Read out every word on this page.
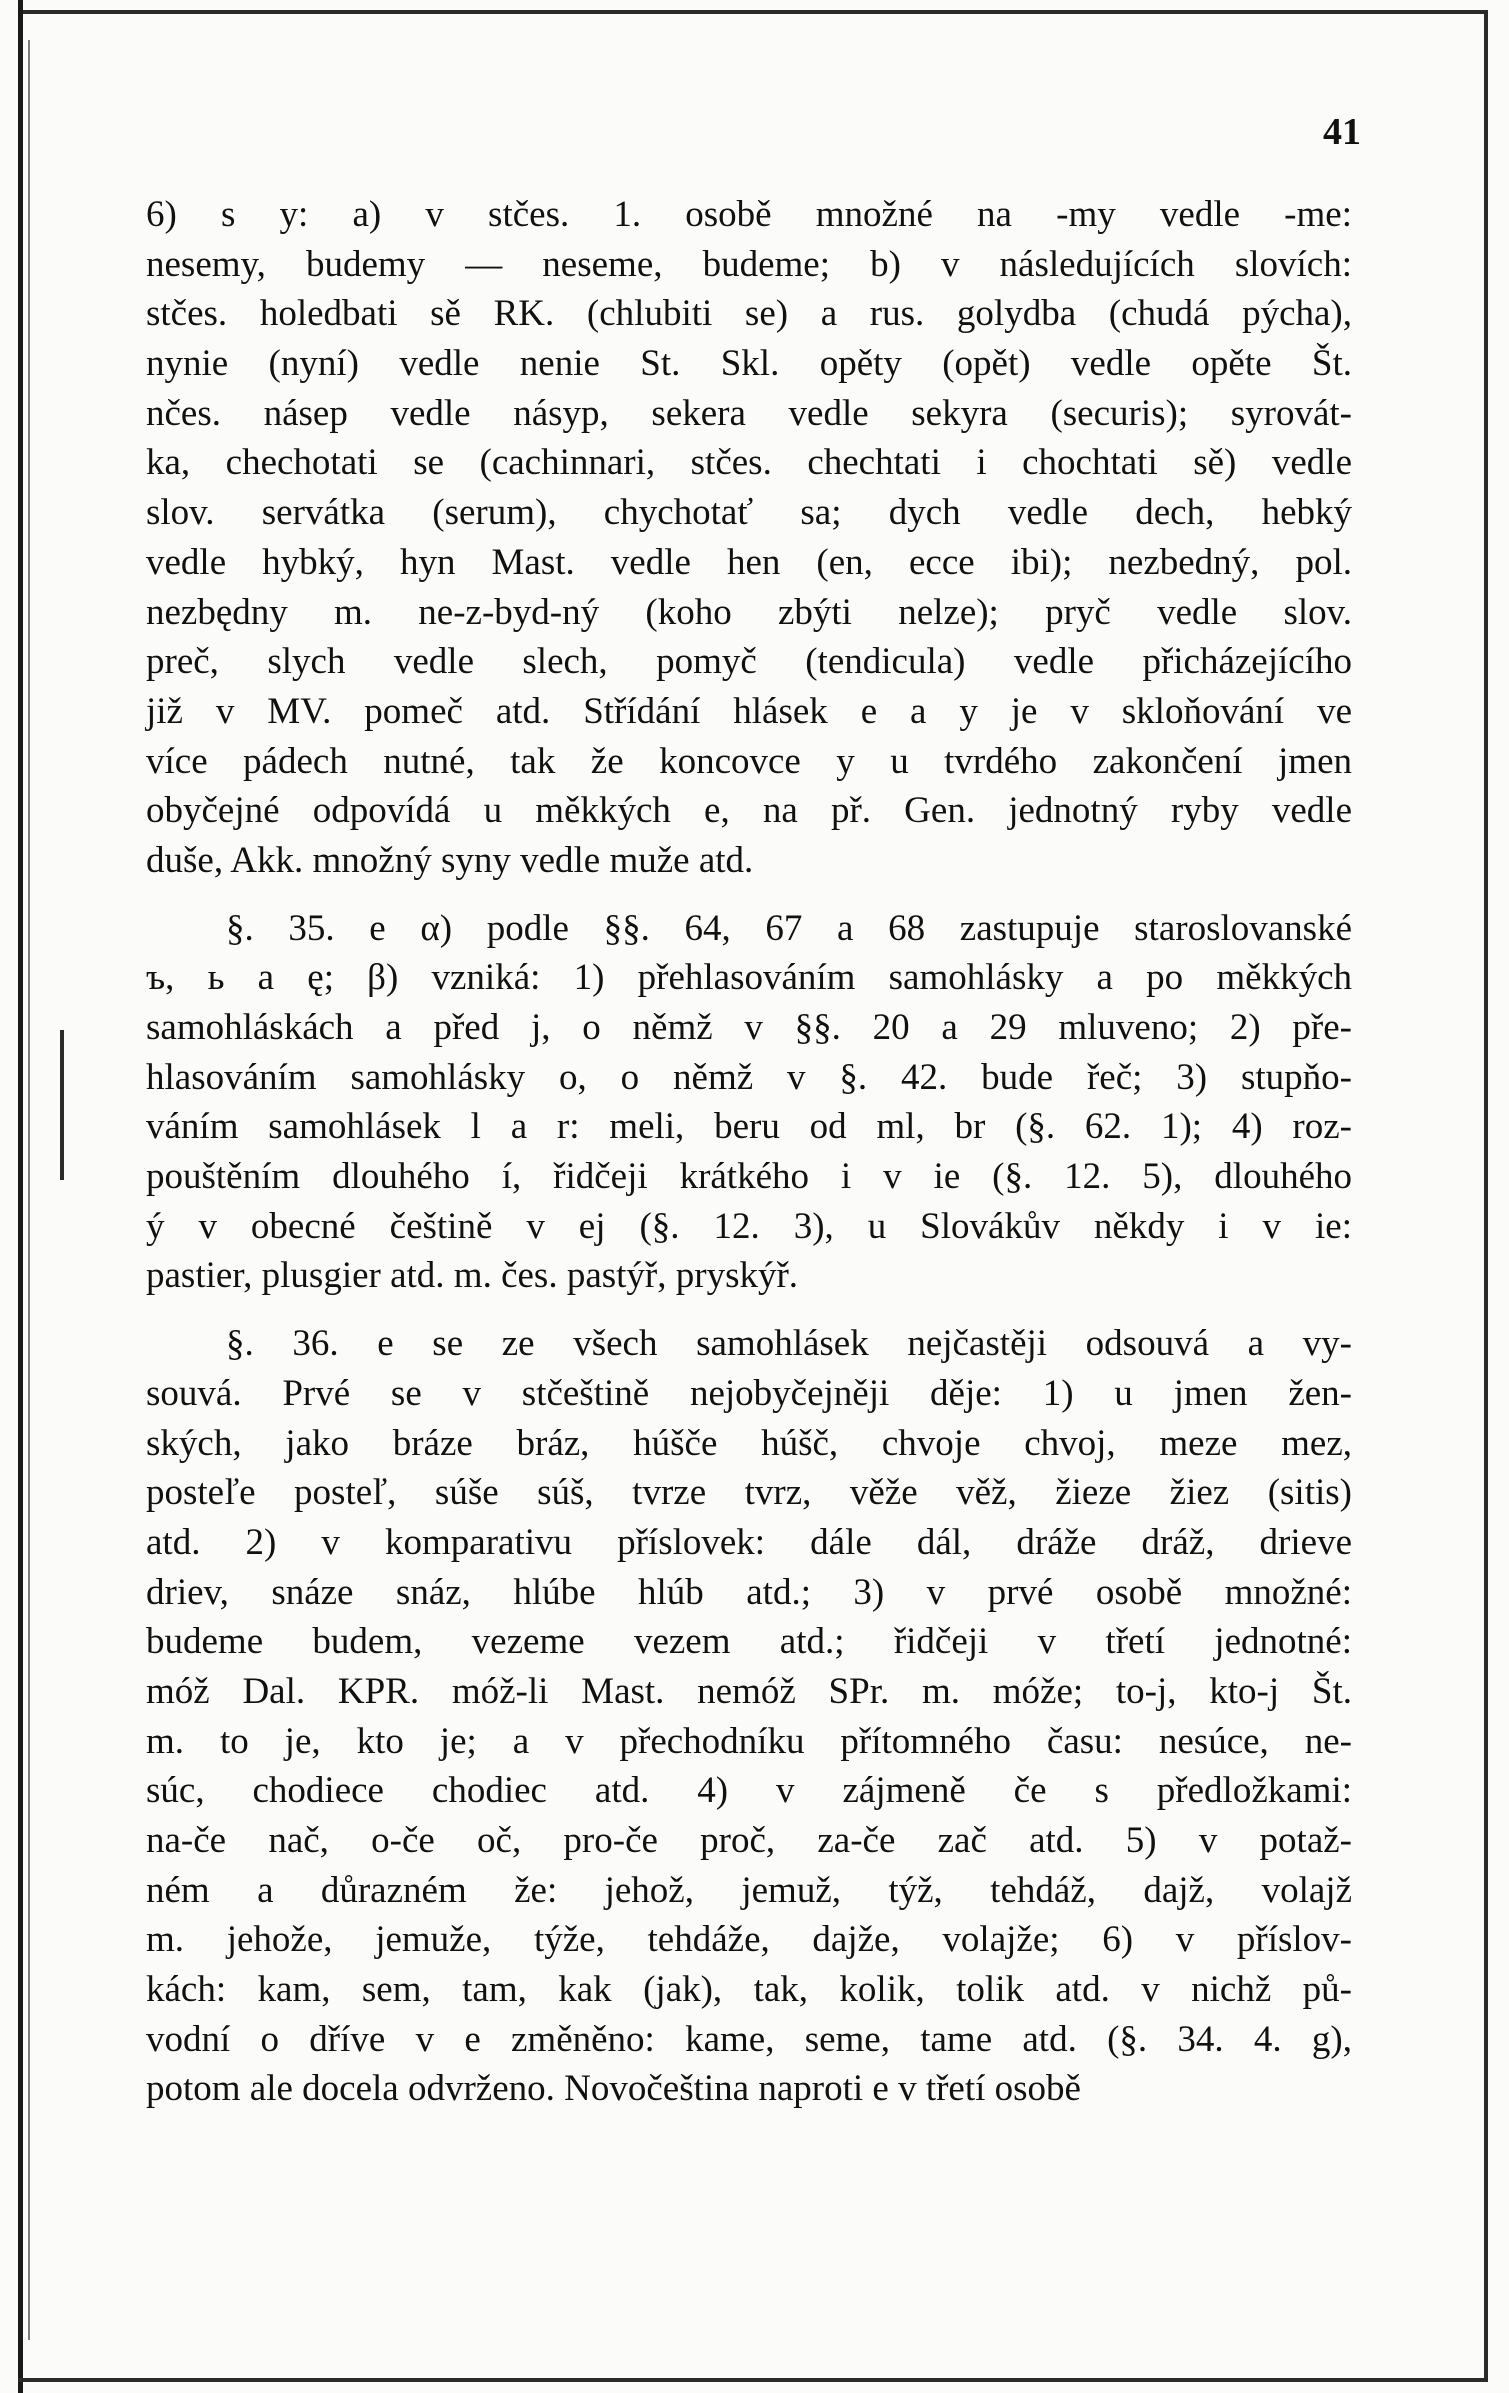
41
6) s y: a) v stčes. 1. osobě množné na -my vedle -me:
nesemy, budemy — neseme, budeme; b) v následujících slovích:
stčes. holedbati sě RK. (chlubiti se) a rus. golydba (chudá pýcha),
nynie (nyní) vedle nenie St. Skl. opěty (opět) vedle opěte Št.
nčes. násep vedle násyp, sekera vedle sekyra (securis); syrovát-
ka, chechotati se (cachinnari, stčes. chechtati i chochtati sě) vedle
slov. servátka (serum), chychotať sa; dych vedle dech, hebký
vedle hybký, hyn Mast. vedle hen (en, ecce ibi); nezbedný, pol.
nezbędny m. ne-z-byd-ný (koho zbýti nelze); pryč vedle slov.
preč, slych vedle slech, pomyč (tendicula) vedle přicházejícího
již v MV. pomeč atd. Střídání hlásek e a y je v skloňování ve
více pádech nutné, tak že koncovce y u tvrdého zakončení jmen
obyčejné odpovídá u měkkých e, na př. Gen. jednotný ryby vedle
duše, Akk. množný syny vedle muže atd.
§. 35. e α) podle §§. 64, 67 a 68 zastupuje staroslovanské
ъ, ь a ę; β) vzniká: 1) přehlasováním samohlásky a po měkkých
samohláskách a před j, o němž v §§. 20 a 29 mluveno; 2) pře-
hlasováním samohlásky o, o němž v §. 42. bude řeč; 3) stupňo-
váním samohlásek l a r: meli, beru od ml, br (§. 62. 1); 4) roz-
pouštěním dlouhého í, řidčeji krátkého i v ie (§. 12. 5), dlouhého
ý v obecné češtině v ej (§. 12. 3), u Slovákův někdy i v ie:
pastier, plusgier atd. m. čes. pastýř, pryskýř.
§. 36. e se ze všech samohlásek nejčastěji odsouvá a vy-
souvá. Prvé se v stčeštině nejobyčejněji děje: 1) u jmen žen-
ských, jako bráze bráz, húšče húšč, chvoje chvoj, meze mez,
posteľe posteľ, súše súš, tvrze tvrz, věže věž, žieze žiez (sitis)
atd. 2) v komparativu příslovek: dále dál, dráže dráž, drieve
driev, snáze snáz, hlúbe hlúb atd.; 3) v prvé osobě množné:
budeme budem, vezeme vezem atd.; řidčeji v třetí jednotné:
móž Dal. KPR. móž-li Mast. nemóž SPr. m. móže; to-j, kto-j Št.
m. to je, kto je; a v přechodníku přítomného času: nesúce, ne-
súc, chodiece chodiec atd. 4) v zájmeně če s předložkami:
na-če nač, o-če oč, pro-če proč, za-če zač atd. 5) v potaž-
ném a důrazném že: jehož, jemuž, týž, tehdáž, dajž, volajž
m. jehože, jemuže, týže, tehdáže, dajže, volajže; 6) v příslov-
kách: kam, sem, tam, kak (jak), tak, kolik, tolik atd. v nichž pů-
vodní o dříve v e změněno: kame, seme, tame atd. (§. 34. 4. g),
potom ale docela odvrženo. Novočeština naproti e v třetí osobě
